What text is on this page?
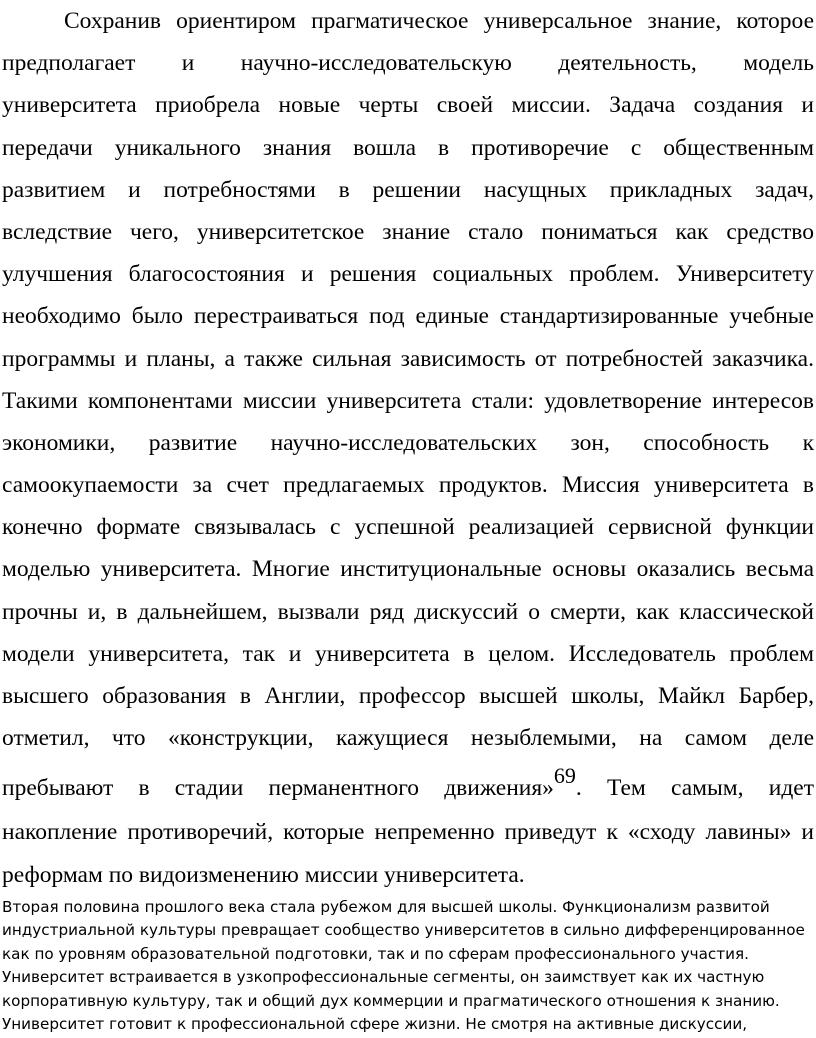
Сохранив ориентиром прагматическое универсальное знание, которое
предполагает и научно-исследовательскую деятельность, модель
университета приобрела новые черты своей миссии. Задача создания и
передачи уникального знания вошла в противоречие с общественным
развитием и потребностями в решении насущных прикладных задач,
вследствие чего, университетское знание стало пониматься как средство
улучшения благосостояния и решения социальных проблем. Университету
необходимо было перестраиваться под единые стандартизированные учебные
программы и планы, а также сильная зависимость от потребностей заказчика.
Такими компонентами миссии университета стали: удовлетворение интересов
экономики, развитие научно-исследовательских зон, способность к
самоокупаемости за счет предлагаемых продуктов. Миссия университета в
конечно формате связывалась с успешной реализацией сервисной функции
моделью университета. Многие институциональные основы оказались весьма
прочны и, в дальнейшем, вызвали ряд дискуссий о смерти, как классической
модели университета, так и университета в целом. Исследователь проблем
высшего образования в Англии, профессор высшей школы, Майкл Барбер,
отметил, что «конструкции, кажущиеся незыблемыми, на самом деле
пребывают в стадии перманентного движения»69. Тем самым, идет
накопление противоречий, которые непременно приведут к «сходу лавины» и
реформам по видоизменению миссии университета.
Вторая половина прошлого века стала рубежом для высшей школы. Функционализм развитой
индустриальной культуры превращает сообщество университетов в сильно дифференцированное
как по уровням образовательной подготовки, так и по сферам профессионального участия.
Университет встраивается в узкопрофессиональные сегменты, он заимствует как их частную
корпоративную культуру, так и общий дух коммерции и прагматического отношения к знанию.
Университет готовит к профессиональной сфере жизни. Не смотря на активные дискуссии,
